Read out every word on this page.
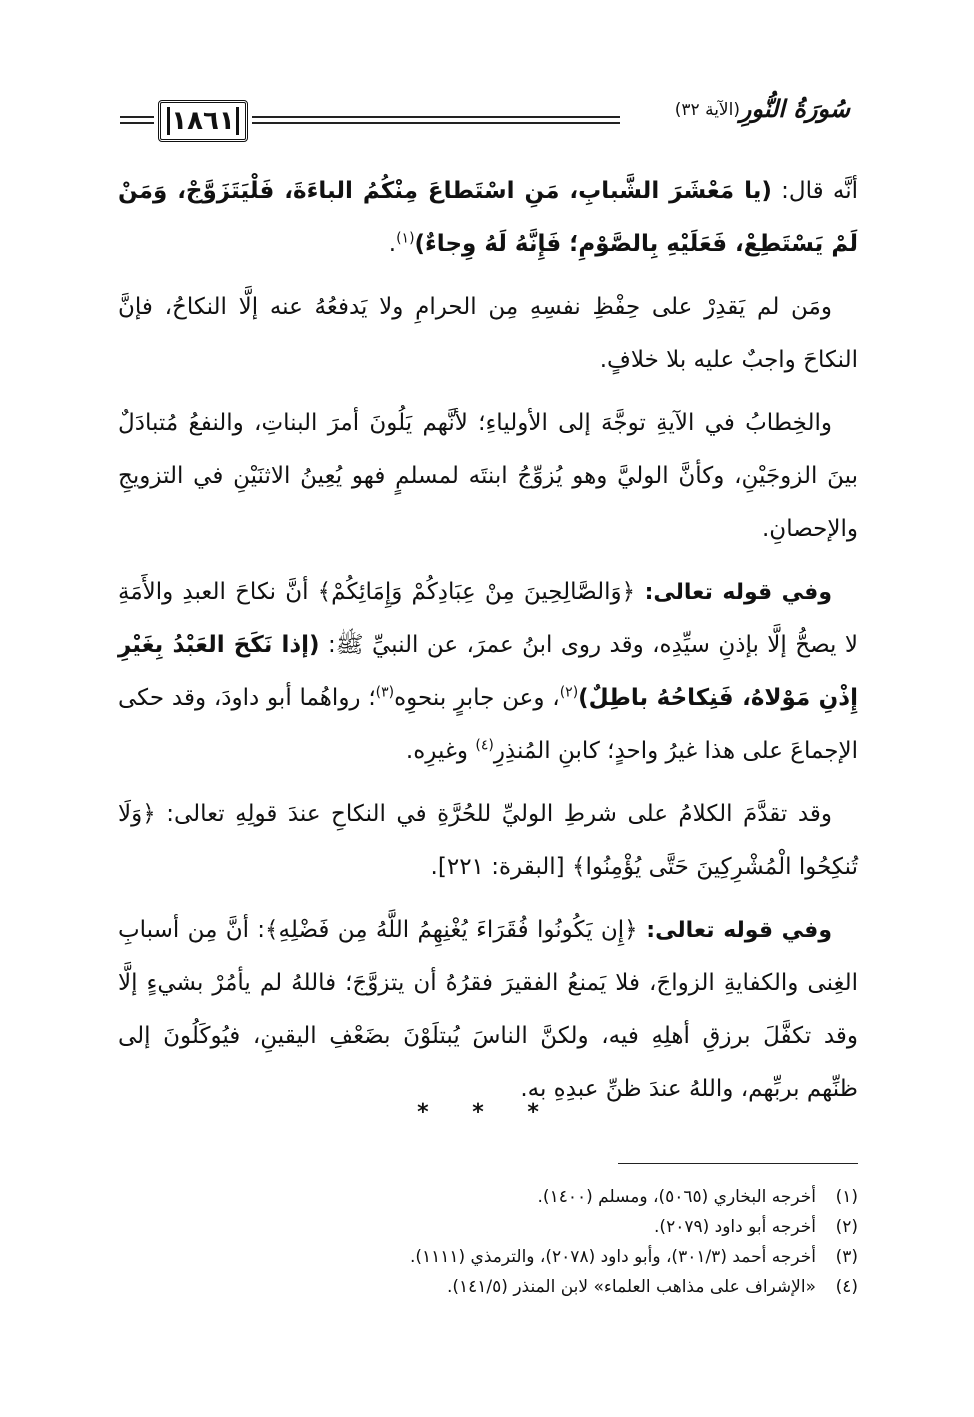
١٨٦١	(الآية ٣٢) سُورَةُ النُّورِ

أنَّه قال: (يا مَعْشَرَ الشَّبابِ، مَنِ اسْتَطاعَ مِنْكُمُ الباءَةَ، فَلْيَتَزَوَّجْ، وَمَنْ لَمْ يَسْتَطِعْ، فَعَلَيْهِ بِالصَّوْمِ؛ فَإِنَّهُ لَهُ وِجاءٌ)$^{(١)}$.

ومَن لم يَقدِرْ على حِفْظِ نفسِهِ مِن الحرامِ ولا يَدفعُهُ عنه إلَّا النكاحُ، فإنَّ النكاحَ واجبٌ عليه بلا خلافٍ.

والخِطابُ في الآيةِ توجَّهَ إلى الأولياءِ؛ لأنَّهم يَلُونَ أمرَ البناتِ، والنفعُ مُتبادَلٌ بينَ الزوجَيْنِ، وكأنَّ الوليَّ وهو يُزوِّجُ ابنتَه لمسلمٍ فهو يُعِينُ الاثنَيْنِ في التزويجِ والإحصانِ.

وفي قوله تعالى: ﴿وَالصَّالِحِينَ مِنْ عِبَادِكُمْ وَإِمَائِكُمْ﴾ أنَّ نكاحَ العبدِ والأَمَةِ لا يصحُّ إلَّا بإذنِ سيِّدِه، وقد روى ابنُ عمرَ، عن النبيِّ ﷺ: (إذا نَكَحَ العَبْدُ بِغَيْرِ إِذْنِ مَوْلاهُ، فَنِكاحُهُ باطِلٌ)$^{(٢)}$، وعن جابرٍ بنحوِه$^{(٣)}$؛ رواهُما أبو داودَ، وقد حكى الإجماعَ على هذا غيرُ واحدٍ؛ كابنِ المُنذِرِ$^{(٤)}$ وغيرِه.

وقد تقدَّمَ الكلامُ على شرطِ الوليِّ للحُرَّةِ في النكاحِ عندَ قولِهِ تعالى: ﴿وَلَا تُنكِحُوا الْمُشْرِكِينَ حَتَّى يُؤْمِنُوا﴾ [البقرة: ٢٢١].

وفي قوله تعالى: ﴿إِن يَكُونُوا فُقَرَاءَ يُغْنِهِمُ اللَّهُ مِن فَضْلِهِ﴾: أنَّ مِن أسبابِ الغِنى والكفايةِ الزواجَ، فلا يَمنعُ الفقيرَ فقرُهُ أن يتزوَّجَ؛ فاللهُ لم يأمُرْ بشيءٍ إلَّا وقد تكفَّلَ برزقِ أهلِهِ فيه، ولكنَّ الناسَ يُبتلَوْنَ بضَعْفِ اليقينِ، فيُوكَلُونَ إلى ظنِّهم بربِّهم، واللهُ عندَ ظنِّ عبدِهِ به.

* * *
(١)أخرجه البخاري (٥٠٦٥)، ومسلم (١٤٠٠).
(٢)أخرجه أبو داود (٢٠٧٩).
(٣)أخرجه أحمد (٣٠١/٣)، وأبو داود (٢٠٧٨)، والترمذي (١١١١).
(٤)«الإشراف على مذاهب العلماء» لابن المنذر (١٤١/٥).
